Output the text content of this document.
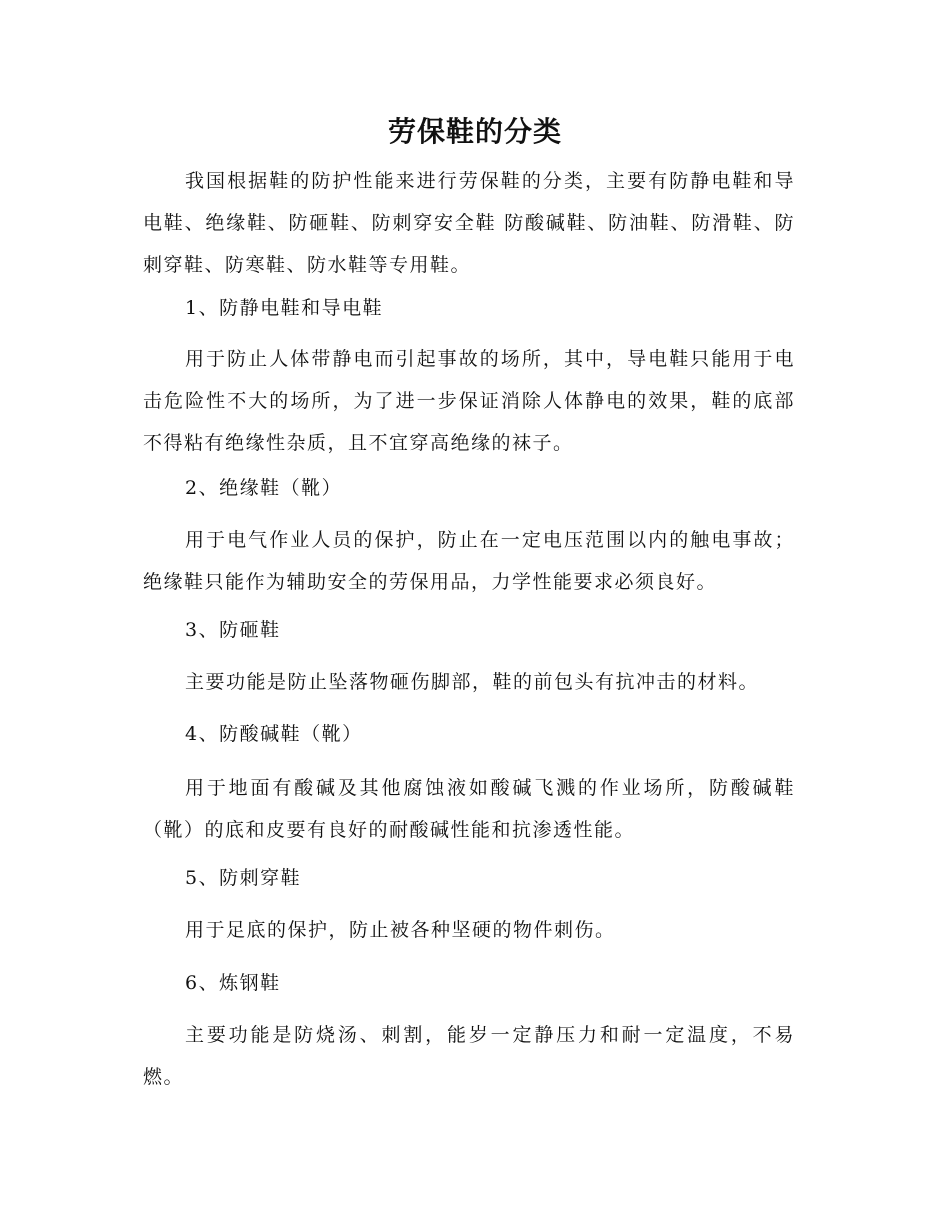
劳保鞋的分类

我国根据鞋的防护性能来进行劳保鞋的分类，主要有防静电鞋和导电鞋、绝缘鞋、防砸鞋、防刺穿安全鞋 防酸碱鞋、防油鞋、防滑鞋、防刺穿鞋、防寒鞋、防水鞋等专用鞋。

1、防静电鞋和导电鞋

用于防止人体带静电而引起事故的场所，其中，导电鞋只能用于电击危险性不大的场所，为了进一步保证消除人体静电的效果，鞋的底部不得粘有绝缘性杂质，且不宜穿高绝缘的袜子。

2、绝缘鞋（靴）

用于电气作业人员的保护，防止在一定电压范围以内的触电事故；绝缘鞋只能作为辅助安全的劳保用品，力学性能要求必须良好。

3、防砸鞋

主要功能是防止坠落物砸伤脚部，鞋的前包头有抗冲击的材料。

4、防酸碱鞋（靴）

用于地面有酸碱及其他腐蚀液如酸碱飞溅的作业场所，防酸碱鞋（靴）的底和皮要有良好的耐酸碱性能和抗渗透性能。

5、防刺穿鞋

用于足底的保护，防止被各种坚硬的物件刺伤。

6、炼钢鞋

主要功能是防烧汤、刺割，能岁一定静压力和耐一定温度，不易燃。
